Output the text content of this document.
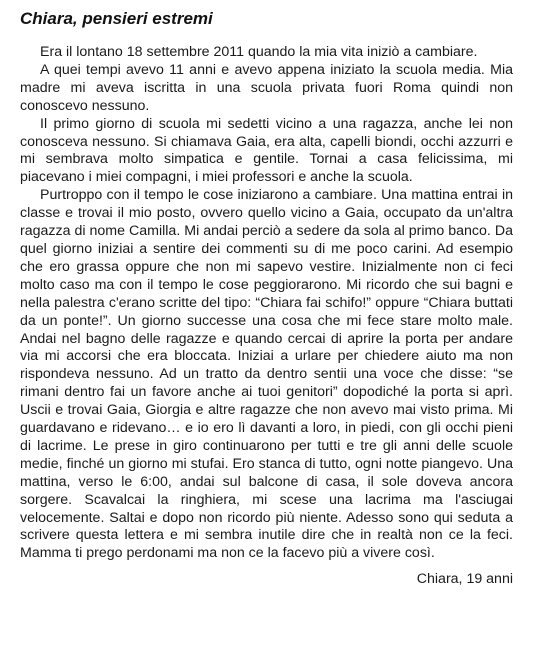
Chiara, pensieri estremi

Era il lontano 18 settembre 2011 quando la mia vita iniziò a cambiare.

A quei tempi avevo 11 anni e avevo appena iniziato la scuola media. Mia madre mi aveva iscritta in una scuola privata fuori Roma quindi non conoscevo nessuno.

Il primo giorno di scuola mi sedetti vicino a una ragazza, anche lei non conosceva nessuno. Si chiamava Gaia, era alta, capelli biondi, occhi azzurri e mi sembrava molto simpatica e gentile. Tornai a casa felicissima, mi piacevano i miei compagni, i miei professori e anche la scuola.

Purtroppo con il tempo le cose iniziarono a cambiare. Una mattina entrai in classe e trovai il mio posto, ovvero quello vicino a Gaia, occupato da un'altra ragazza di nome Camilla. Mi andai perciò a sedere da sola al primo banco. Da quel giorno iniziai a sentire dei commenti su di me poco carini. Ad esempio che ero grassa oppure che non mi sapevo vestire. Inizialmente non ci feci molto caso ma con il tempo le cose peggiorarono. Mi ricordo che sui bagni e nella palestra c'erano scritte del tipo: “Chiara fai schifo!” oppure “Chiara buttati da un ponte!”. Un giorno successe una cosa che mi fece stare molto male. Andai nel bagno delle ragazze e quando cercai di aprire la porta per andare via mi accorsi che era bloccata. Iniziai a urlare per chiedere aiuto ma non rispondeva nessuno. Ad un tratto da dentro sentii una voce che disse: “se rimani dentro fai un favore anche ai tuoi genitori” dopodiché la porta si aprì. Uscii e trovai Gaia, Giorgia e altre ragazze che non avevo mai visto prima. Mi guardavano e ridevano… e io ero lì davanti a loro, in piedi, con gli occhi pieni di lacrime. Le prese in giro continuarono per tutti e tre gli anni delle scuole medie, finché un giorno mi stufai. Ero stanca di tutto, ogni notte piangevo. Una mattina, verso le 6:00, andai sul balcone di casa, il sole doveva ancora sorgere. Scavalcai la ringhiera, mi scese una lacrima ma l'asciugai velocemente. Saltai e dopo non ricordo più niente. Adesso sono qui seduta a scrivere questa lettera e mi sembra inutile dire che in realtà non ce la feci. Mamma ti prego perdonami ma non ce la facevo più a vivere così.

Chiara, 19 anni
